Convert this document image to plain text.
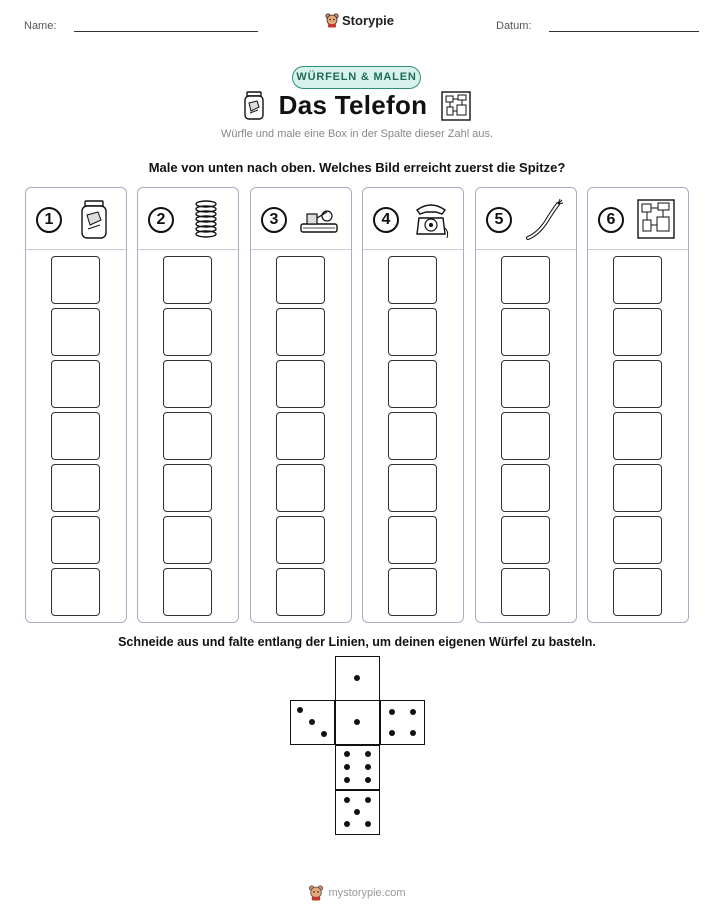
Name:	Storypie	Datum:
WÜRFELN & MALEN
Das Telefon
Würfle und male eine Box in der Spalte dieser Zahl aus.
Male von unten nach oben. Welches Bild erreicht zuerst die Spitze?
1	2	3	4	5	6
Schneide aus und falte entlang der Linien, um deinen eigenen Würfel zu basteln.
mystorypie.com
